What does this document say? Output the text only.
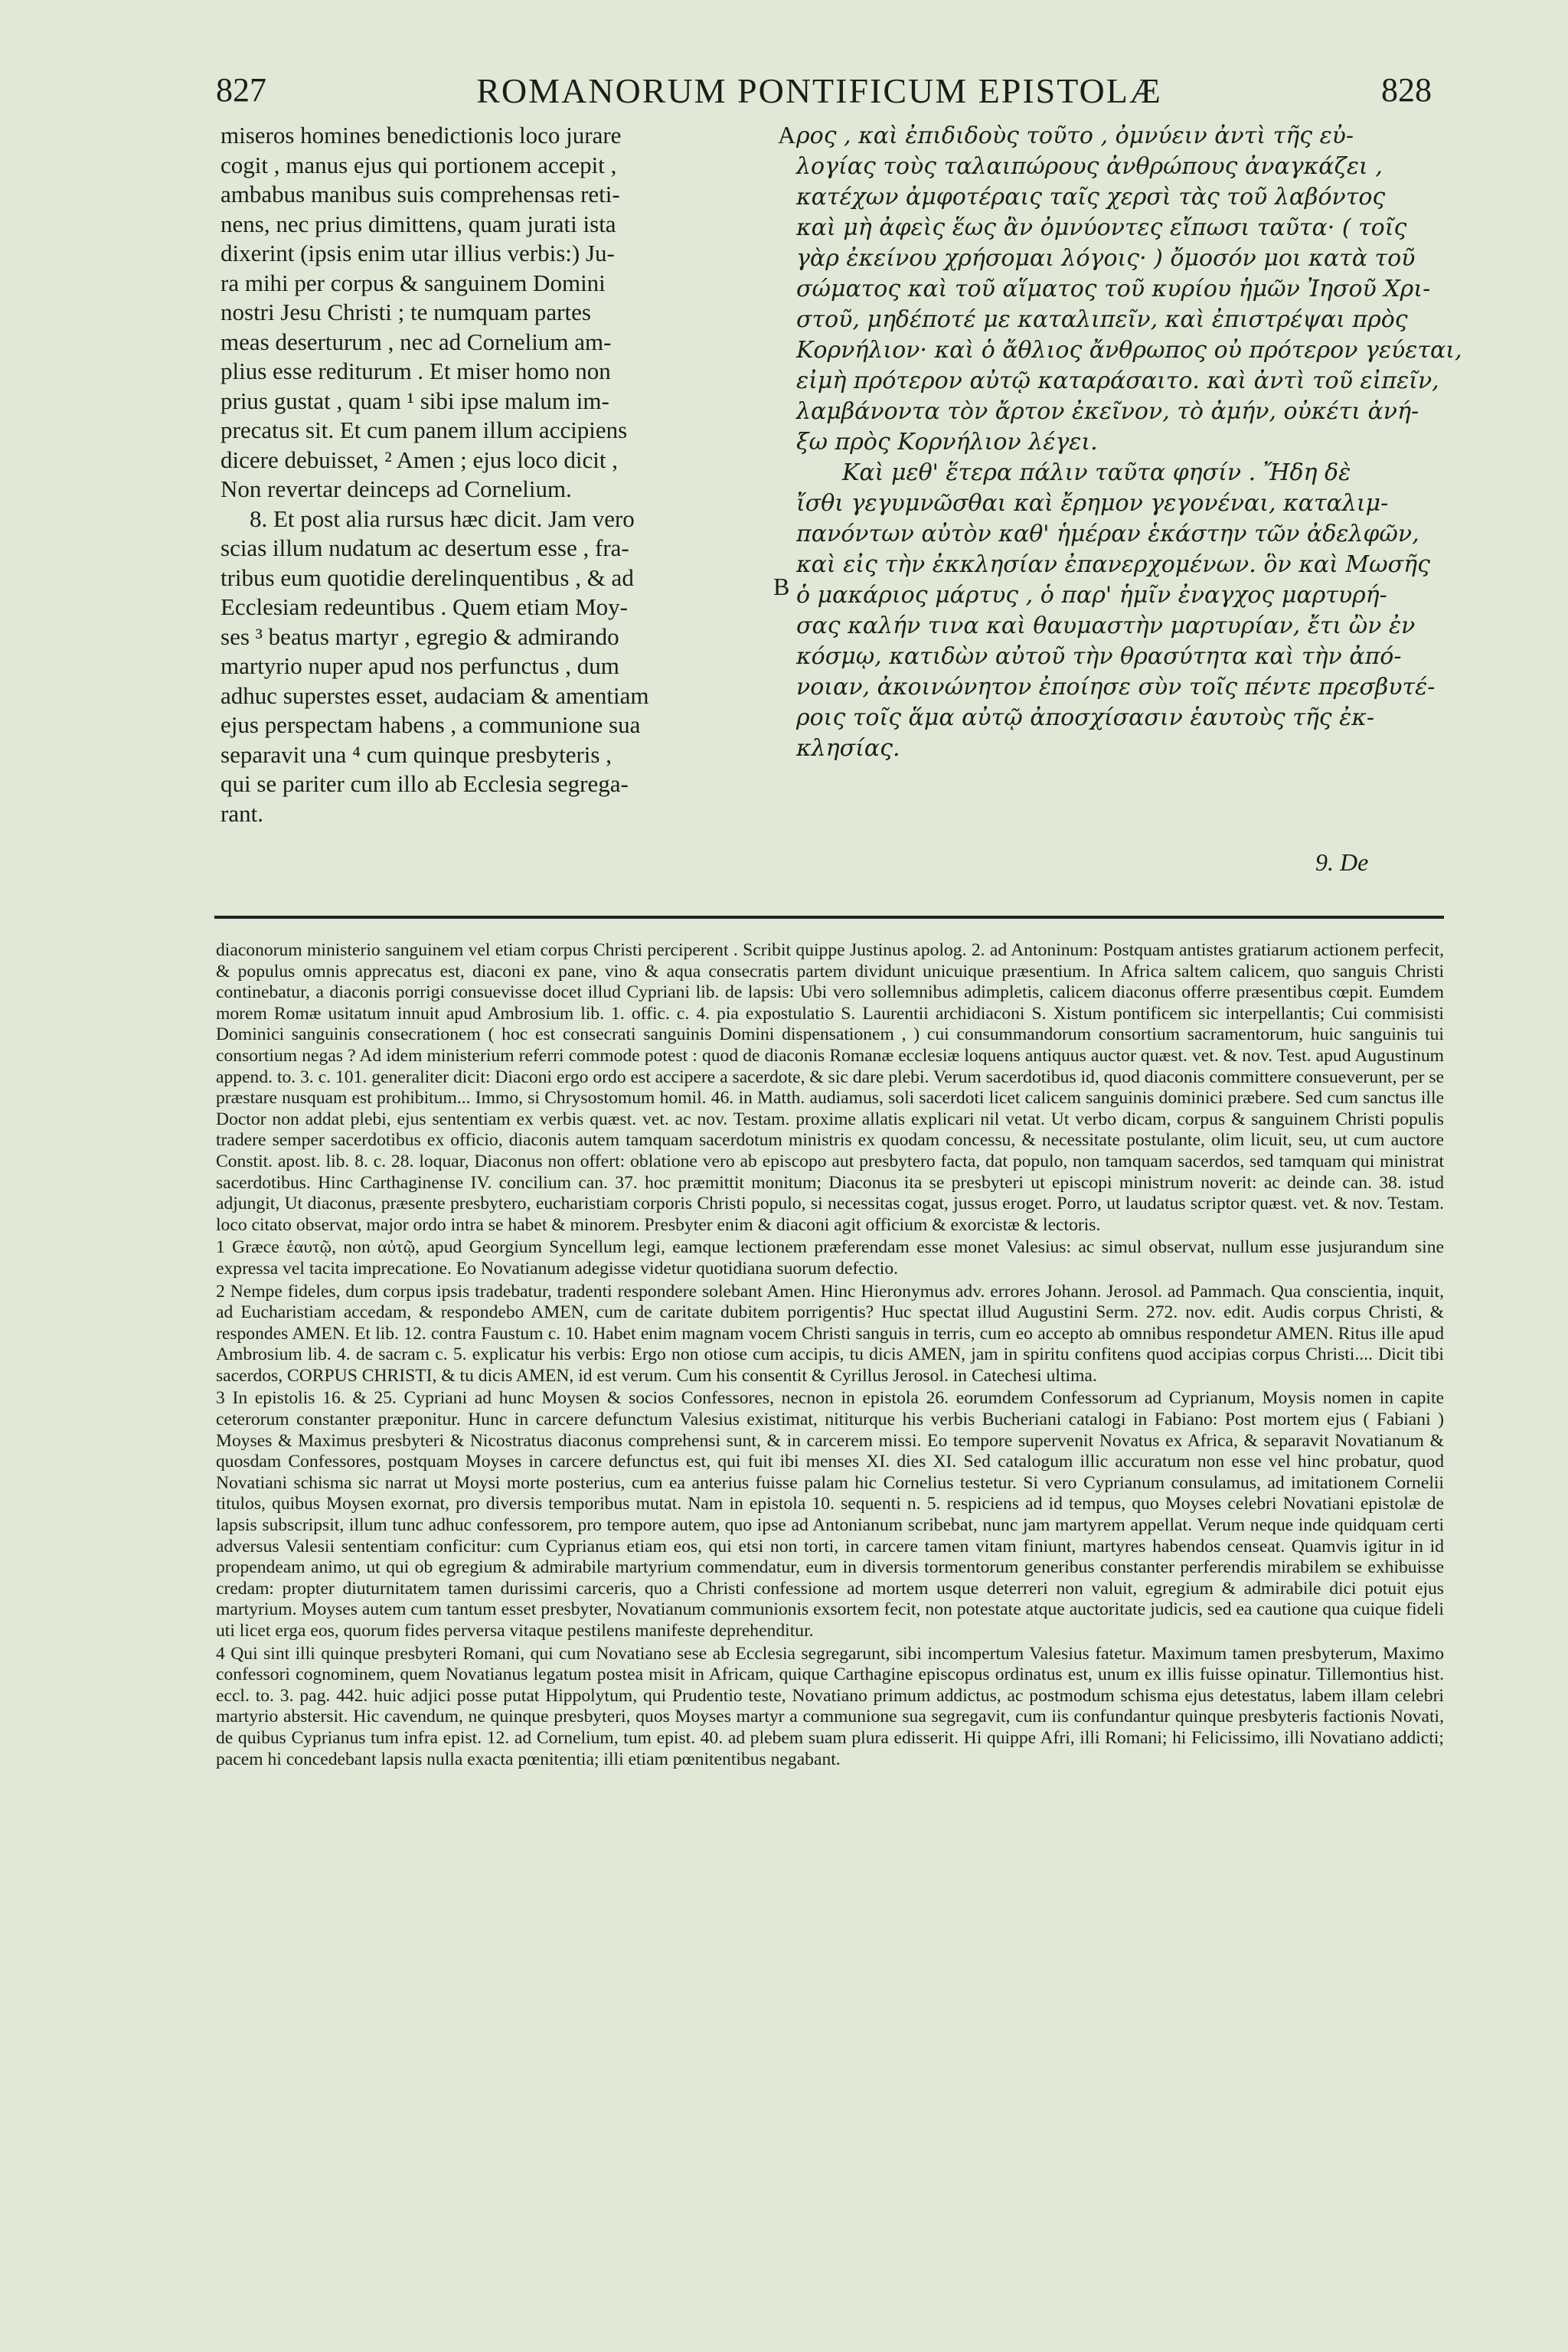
827	ROMANORUM PONTIFICUM EPISTOLÆ	828
miseros homines benedictionis loco jurare
cogit , manus ejus qui portionem accepit ,
ambabus manibus suis comprehensas reti-
nens, nec prius dimittens, quam jurati ista
dixerint (ipsis enim utar illius verbis:) Ju-
ra mihi per corpus & sanguinem Domini
nostri Jesu Christi ; te numquam partes
meas deserturum , nec ad Cornelium am-
plius esse rediturum . Et miser homo non
prius gustat , quam ¹ sibi ipse malum im-
precatus sit. Et cum panem illum accipiens
dicere debuisset, ² Amen ; ejus loco dicit ,
Non revertar deinceps ad Cornelium.
8. Et post alia rursus hæc dicit. Jam vero
scias illum nudatum ac desertum esse , fra-
tribus eum quotidie derelinquentibus , & ad
Ecclesiam redeuntibus . Quem etiam Moy-
ses ³ beatus martyr , egregio & admirando
martyrio nuper apud nos perfunctus , dum
adhuc superstes esset, audaciam & amentiam
ejus perspectam habens , a communione sua
separavit una ⁴ cum quinque presbyteris ,
qui se pariter cum illo ab Ecclesia segrega-
rant.
A
B
ρος , καὶ ἐπιδιδοὺς τοῦτο , ὀμνύειν ἀντὶ τῆς εὐ-
λογίας τοὺς ταλαιπώρους ἀνθρώπους ἀναγκάζει ,
κατέχων ἀμφοτέραις ταῖς χερσὶ τὰς τοῦ λαβόντος
καὶ μὴ ἀφεὶς ἕως ἂν ὀμνύοντες εἴπωσι ταῦτα· ( τοῖς
γὰρ ἐκείνου χρήσομαι λόγοις· ) ὄμοσόν μοι κατὰ τοῦ
σώματος καὶ τοῦ αἵματος τοῦ κυρίου ἡμῶν Ἰησοῦ Χρι-
στοῦ, μηδέποτέ με καταλιπεῖν, καὶ ἐπιστρέψαι πρὸς
Κορνήλιον· καὶ ὁ ἄθλιος ἄνθρωπος οὐ πρότερον γεύεται,
εἰμὴ πρότερον αὐτῷ καταράσαιτο. καὶ ἀντὶ τοῦ εἰπεῖν,
λαμβάνοντα τὸν ἄρτον ἐκεῖνον, τὸ ἀμήν, οὐκέτι ἀνή-
ξω πρὸς Κορνήλιον λέγει.
Καὶ μεθ' ἕτερα πάλιν ταῦτα φησίν . Ἤδη δὲ
ἴσθι γεγυμνῶσθαι καὶ ἔρημον γεγονέναι, καταλιμ-
πανόντων αὐτὸν καθ' ἡμέραν ἑκάστην τῶν ἀδελφῶν,
καὶ εἰς τὴν ἐκκλησίαν ἐπανερχομένων. ὃν καὶ Μωσῆς
ὁ μακάριος μάρτυς , ὁ παρ' ἡμῖν ἐναγχος μαρτυρή-
σας καλήν τινα καὶ θαυμαστὴν μαρτυρίαν, ἔτι ὢν ἐν
κόσμῳ, κατιδὼν αὐτοῦ τὴν θρασύτητα καὶ τὴν ἀπό-
νοιαν, ἀκοινώνητον ἐποίησε σὺν τοῖς πέντε πρεσβυτέ-
ροις τοῖς ἅμα αὐτῷ ἀποσχίσασιν ἑαυτοὺς τῆς ἐκ-
κλησίας.
9. De

diaconorum ministerio sanguinem vel etiam corpus Christi perciperent . Scribit quippe Justinus apolog. 2. ad Antoninum: Postquam antistes gratiarum actionem perfecit, & populus omnis apprecatus est, diaconi ex pane, vino & aqua consecratis partem dividunt unicuique præsentium. In Africa saltem calicem, quo sanguis Christi continebatur, a diaconis porrigi consuevisse docet illud Cypriani lib. de lapsis: Ubi vero sollemnibus adimpletis, calicem diaconus offerre præsentibus cœpit. Eumdem morem Romæ usitatum innuit apud Ambrosium lib. 1. offic. c. 4. pia expostulatio S. Laurentii archidiaconi S. Xistum pontificem sic interpellantis; Cui commisisti Dominici sanguinis consecrationem ( hoc est consecrati sanguinis Domini dispensationem , ) cui consummandorum consortium sacramentorum, huic sanguinis tui consortium negas ? Ad idem ministerium referri commode potest : quod de diaconis Romanæ ecclesiæ loquens antiquus auctor quæst. vet. & nov. Test. apud Augustinum append. to. 3. c. 101. generaliter dicit: Diaconi ergo ordo est accipere a sacerdote, & sic dare plebi. Verum sacerdotibus id, quod diaconis committere consueverunt, per se præstare nusquam est prohibitum... Immo, si Chrysostomum homil. 46. in Matth. audiamus, soli sacerdoti licet calicem sanguinis dominici præbere. Sed cum sanctus ille Doctor non addat plebi, ejus sententiam ex verbis quæst. vet. ac nov. Testam. proxime allatis explicari nil vetat. Ut verbo dicam, corpus & sanguinem Christi populis tradere semper sacerdotibus ex officio, diaconis autem tamquam sacerdotum ministris ex quodam concessu, & necessitate postulante, olim licuit, seu, ut cum auctore Constit. apost. lib. 8. c. 28. loquar, Diaconus non offert: oblatione vero ab episcopo aut presbytero facta, dat populo, non tamquam sacerdos, sed tamquam qui ministrat sacerdotibus. Hinc Carthaginense IV. concilium can. 37. hoc præmittit monitum; Diaconus ita se presbyteri ut episcopi ministrum noverit: ac deinde can. 38. istud adjungit, Ut diaconus, præsente presbytero, eucharistiam corporis Christi populo, si necessitas cogat, jussus eroget. Porro, ut laudatus scriptor quæst. vet. & nov. Testam. loco citato observat, major ordo intra se habet & minorem. Presbyter enim & diaconi agit officium & exorcistæ & lectoris.

1 Græce ἑαυτῷ, non αὐτῷ, apud Georgium Syncellum legi, eamque lectionem præferendam esse monet Valesius: ac simul observat, nullum esse jusjurandum sine expressa vel tacita imprecatione. Eo Novatianum adegisse videtur quotidiana suorum defectio.

2 Nempe fideles, dum corpus ipsis tradebatur, tradenti respondere solebant Amen. Hinc Hieronymus adv. errores Johann. Jerosol. ad Pammach. Qua conscientia, inquit, ad Eucharistiam accedam, & respondebo AMEN, cum de caritate dubitem porrigentis? Huc spectat illud Augustini Serm. 272. nov. edit. Audis corpus Christi, & respondes AMEN. Et lib. 12. contra Faustum c. 10. Habet enim magnam vocem Christi sanguis in terris, cum eo accepto ab omnibus respondetur AMEN. Ritus ille apud Ambrosium lib. 4. de sacram c. 5. explicatur his verbis: Ergo non otiose cum accipis, tu dicis AMEN, jam in spiritu confitens quod accipias corpus Christi.... Dicit tibi sacerdos, CORPUS CHRISTI, & tu dicis AMEN, id est verum. Cum his consentit & Cyrillus Jerosol. in Catechesi ultima.

3 In epistolis 16. & 25. Cypriani ad hunc Moysen & socios Confessores, necnon in epistola 26. eorumdem Confessorum ad Cyprianum, Moysis nomen in capite ceterorum constanter præponitur. Hunc in carcere defunctum Valesius existimat, nititurque his verbis Bucheriani catalogi in Fabiano: Post mortem ejus ( Fabiani ) Moyses & Maximus presbyteri & Nicostratus diaconus comprehensi sunt, & in carcerem missi. Eo tempore supervenit Novatus ex Africa, & separavit Novatianum & quosdam Confessores, postquam Moyses in carcere defunctus est, qui fuit ibi menses XI. dies XI. Sed catalogum illic accuratum non esse vel hinc probatur, quod Novatiani schisma sic narrat ut Moysi morte posterius, cum ea anterius fuisse palam hic Cornelius testetur. Si vero Cyprianum consulamus, ad imitationem Cornelii titulos, quibus Moysen exornat, pro diversis temporibus mutat. Nam in epistola 10. sequenti n. 5. respiciens ad id tempus, quo Moyses celebri Novatiani epistolæ de lapsis subscripsit, illum tunc adhuc confessorem, pro tempore autem, quo ipse ad Antonianum scribebat, nunc jam martyrem appellat. Verum neque inde quidquam certi adversus Valesii sententiam conficitur: cum Cyprianus etiam eos, qui etsi non torti, in carcere tamen vitam finiunt, martyres habendos censeat. Quamvis igitur in id propendeam animo, ut qui ob egregium & admirabile martyrium commendatur, eum in diversis tormentorum generibus constanter perferendis mirabilem se exhibuisse credam: propter diuturnitatem tamen durissimi carceris, quo a Christi confessione ad mortem usque deterreri non valuit, egregium & admirabile dici potuit ejus martyrium. Moyses autem cum tantum esset presbyter, Novatianum communionis exsortem fecit, non potestate atque auctoritate judicis, sed ea cautione qua cuique fideli uti licet erga eos, quorum fides perversa vitaque pestilens manifeste deprehenditur.

4 Qui sint illi quinque presbyteri Romani, qui cum Novatiano sese ab Ecclesia segregarunt, sibi incompertum Valesius fatetur. Maximum tamen presbyterum, Maximo confessori cognominem, quem Novatianus legatum postea misit in Africam, quique Carthagine episcopus ordinatus est, unum ex illis fuisse opinatur. Tillemontius hist. eccl. to. 3. pag. 442. huic adjici posse putat Hippolytum, qui Prudentio teste, Novatiano primum addictus, ac postmodum schisma ejus detestatus, labem illam celebri martyrio abstersit. Hic cavendum, ne quinque presbyteri, quos Moyses martyr a communione sua segregavit, cum iis confundantur quinque presbyteris factionis Novati, de quibus Cyprianus tum infra epist. 12. ad Cornelium, tum epist. 40. ad plebem suam plura edisserit. Hi quippe Afri, illi Romani; hi Felicissimo, illi Novatiano addicti; pacem hi concedebant lapsis nulla exacta pœnitentia; illi etiam pœnitentibus negabant.
